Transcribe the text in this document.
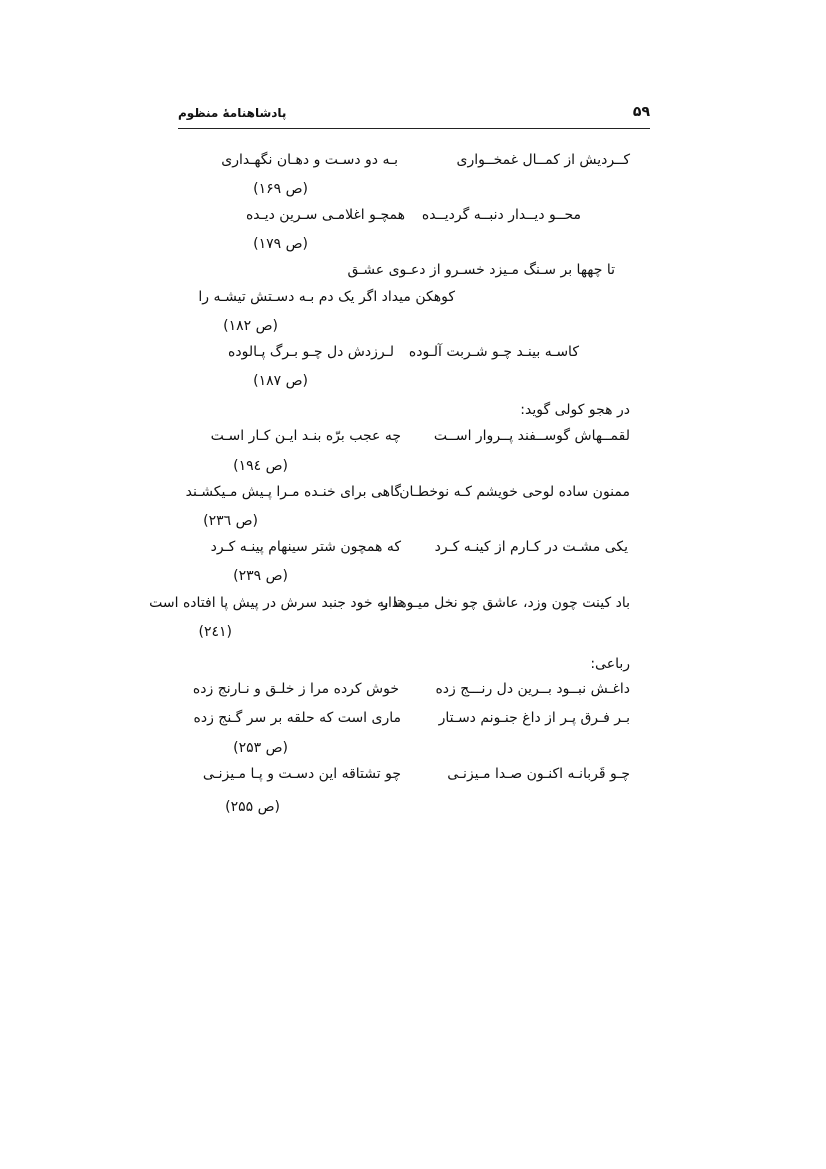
پادشاهنامهٔ منظوم	۵۹
کــردیش از کمــال غمخــواری
بـه دو دسـت و دهـان نگهـداری
(ص ۱۶۹)
محــو دیــدار دنبــه گردیــده
همچـو اغلامـی سـرین دیـده
(ص ۱۷۹)
تا چهها بر سـنگ مـیزد خسـرو از دعـوی عشـق
کوهکن میداد اگر یک دم بـه دسـتش تیشـه را
(ص ۱۸۲)
کاسـه بینـد چـو شـربت آلـوده
لـرزدش دل چـو بـرگ پـالوده
(ص ۱۸۷)
در هجو کولی گوید:
لقمــهاش گوســفند پــروار اســت
چه عجب برّه بنـد ایـن کـار اسـت
(ص ۱۹٤)
ممنون ساده لوحی خویشم کـه نوخطـان
گاهی برای خنـده مـرا پـیش مـیکشـند
(ص ۲۳٦)
یکی مشـت در کـارم از کینـه کـرد
که همچون شتر سینهام پینـه کـرد
(ص ۲۳۹)
باد کینت چون وزد، عاشق چو نخل میـوهدار
تا به خود جنبد سرش در پیش پا افتاده است
(۲٤۱)
رباعی:
داغـش نبــود بــرین دل رنـــج زده
خوش کرده مرا ز خلـق و نـارنج زده
بـر فـرق پـر از داغ جنـونم دسـتار
ماری است که حلقه بر سر گـنج زده
(ص ۲۵۳)
چـو قَربانـه اکنـون صـدا مـیزنـی
چو تشتاقه این دسـت و پـا مـیزنـی
(ص ۲۵۵)
